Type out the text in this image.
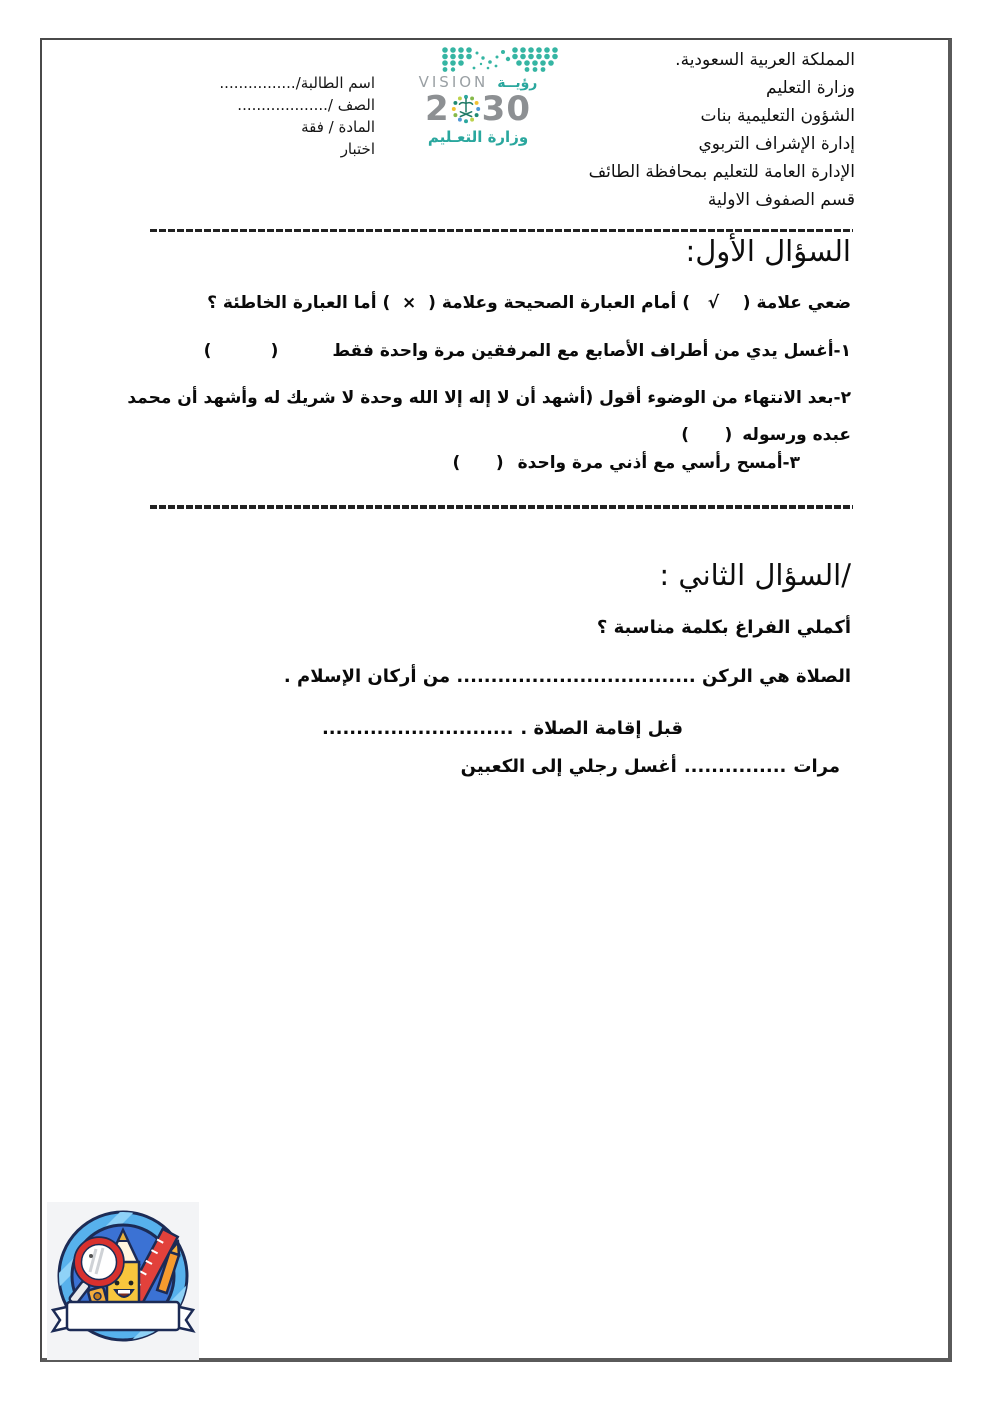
المملكة العربية السعودية.
وزارة التعليم
الشؤون التعليمية بنات
إدارة الإشراف التربوي
الإدارة العامة للتعليم بمحافظة الطائف
قسم الصفوف الاولية
VISION رؤيــة
2 30
وزارة التعـليم
اسم الطالبة/................
الصف /...................
المادة / فقة
اختبار
السؤال الأول:
ضعي علامة (    √   ) أمام العبارة الصحيحة وعلامة (  ×  ) أما العبارة الخاطئة ؟
١-أغسل يدي من أطراف الأصابع مع المرفقين مرة واحدة فقط(          )
٢-بعد الانتهاء من الوضوء أقول (أشهد أن لا إله إلا الله وحدة لا شريك له وأشهد أن محمد
عبده ورسوله(      )
٣-أمسح رأسي مع أذني مرة واحدة(      )
/السؤال الثاني :
أكملي الفراغ بكلمة مناسبة ؟
الصلاة هي الركن ................................... من أركان الإسلام .
............................ قبل إقامة الصلاة .
أغسل رجلي إلى الكعبين ............... مرات
